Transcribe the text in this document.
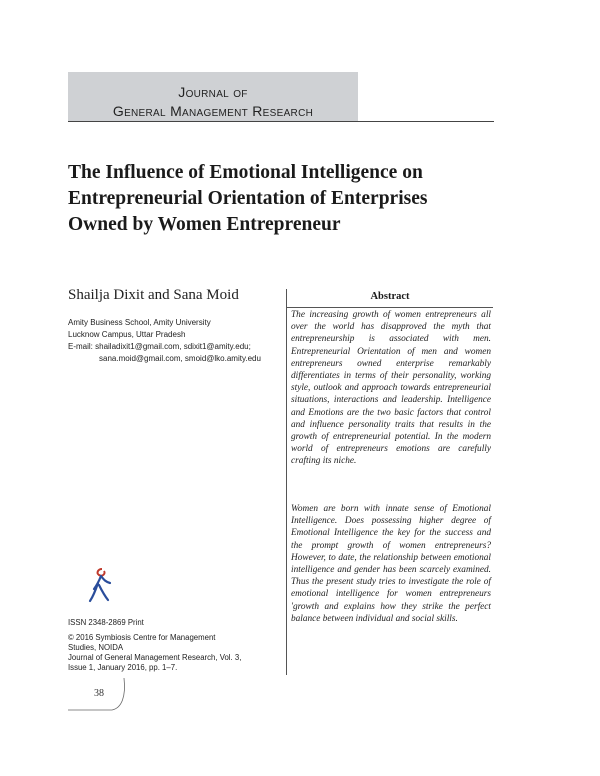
Journal of
General Management Research
The Influence of Emotional Intelligence on
Entrepreneurial Orientation of Enterprises
Owned by Women Entrepreneur
Shailja Dixit and Sana Moid
Amity Business School, Amity University
Lucknow Campus, Uttar Pradesh
E-mail: shailadixit1@gmail.com, sdixit1@amity.edu;
sana.moid@gmail.com, smoid@lko.amity.edu
Abstract

The increasing growth of women entrepreneurs all over the world has disapproved the myth that entrepreneurship is associated with men. Entrepreneurial Orientation of men and women entrepreneurs owned enterprise remarkably differentiates in terms of their personality, working style, outlook and approach towards entrepreneurial situations, interactions and leadership. Intelligence and Emotions are the two basic factors that control and influence personality traits that results in the growth of entrepreneurial potential. In the modern world of entrepreneurs emotions are carefully crafting its niche.

Women are born with innate sense of Emotional Intelligence. Does possessing higher degree of Emotional Intelligence the key for the success and the prompt growth of women entrepreneurs? However, to date, the relationship between emotional intelligence and gender has been scarcely examined. Thus the present study tries to investigate the role of emotional intelligence for women entrepreneurs 'growth and explains how they strike the perfect balance between individual and social skills.

ISSN 2348-2869 Print
© 2016 Symbiosis Centre for Management
Studies, NOIDA
Journal of General Management Research, Vol. 3,
Issue 1, January 2016, pp. 1–7.
38
